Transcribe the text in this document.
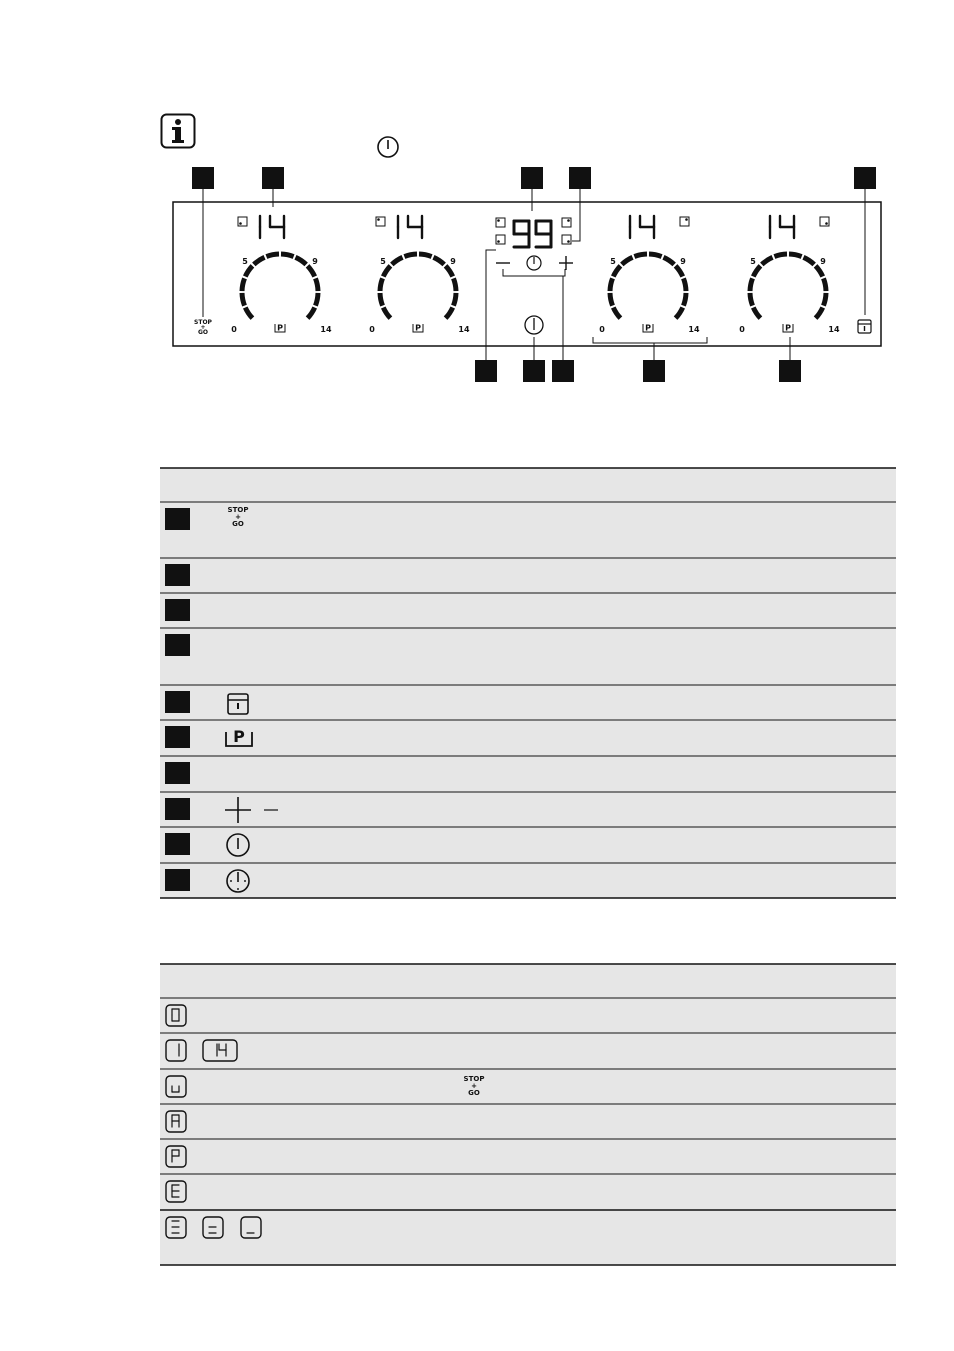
STOP
+
GO	0
5	9
14
P	0
5	9
14
P	0
5	9
14
P	0
5	9
14
P
STOP
+
GO
P
STOP
+
GO
